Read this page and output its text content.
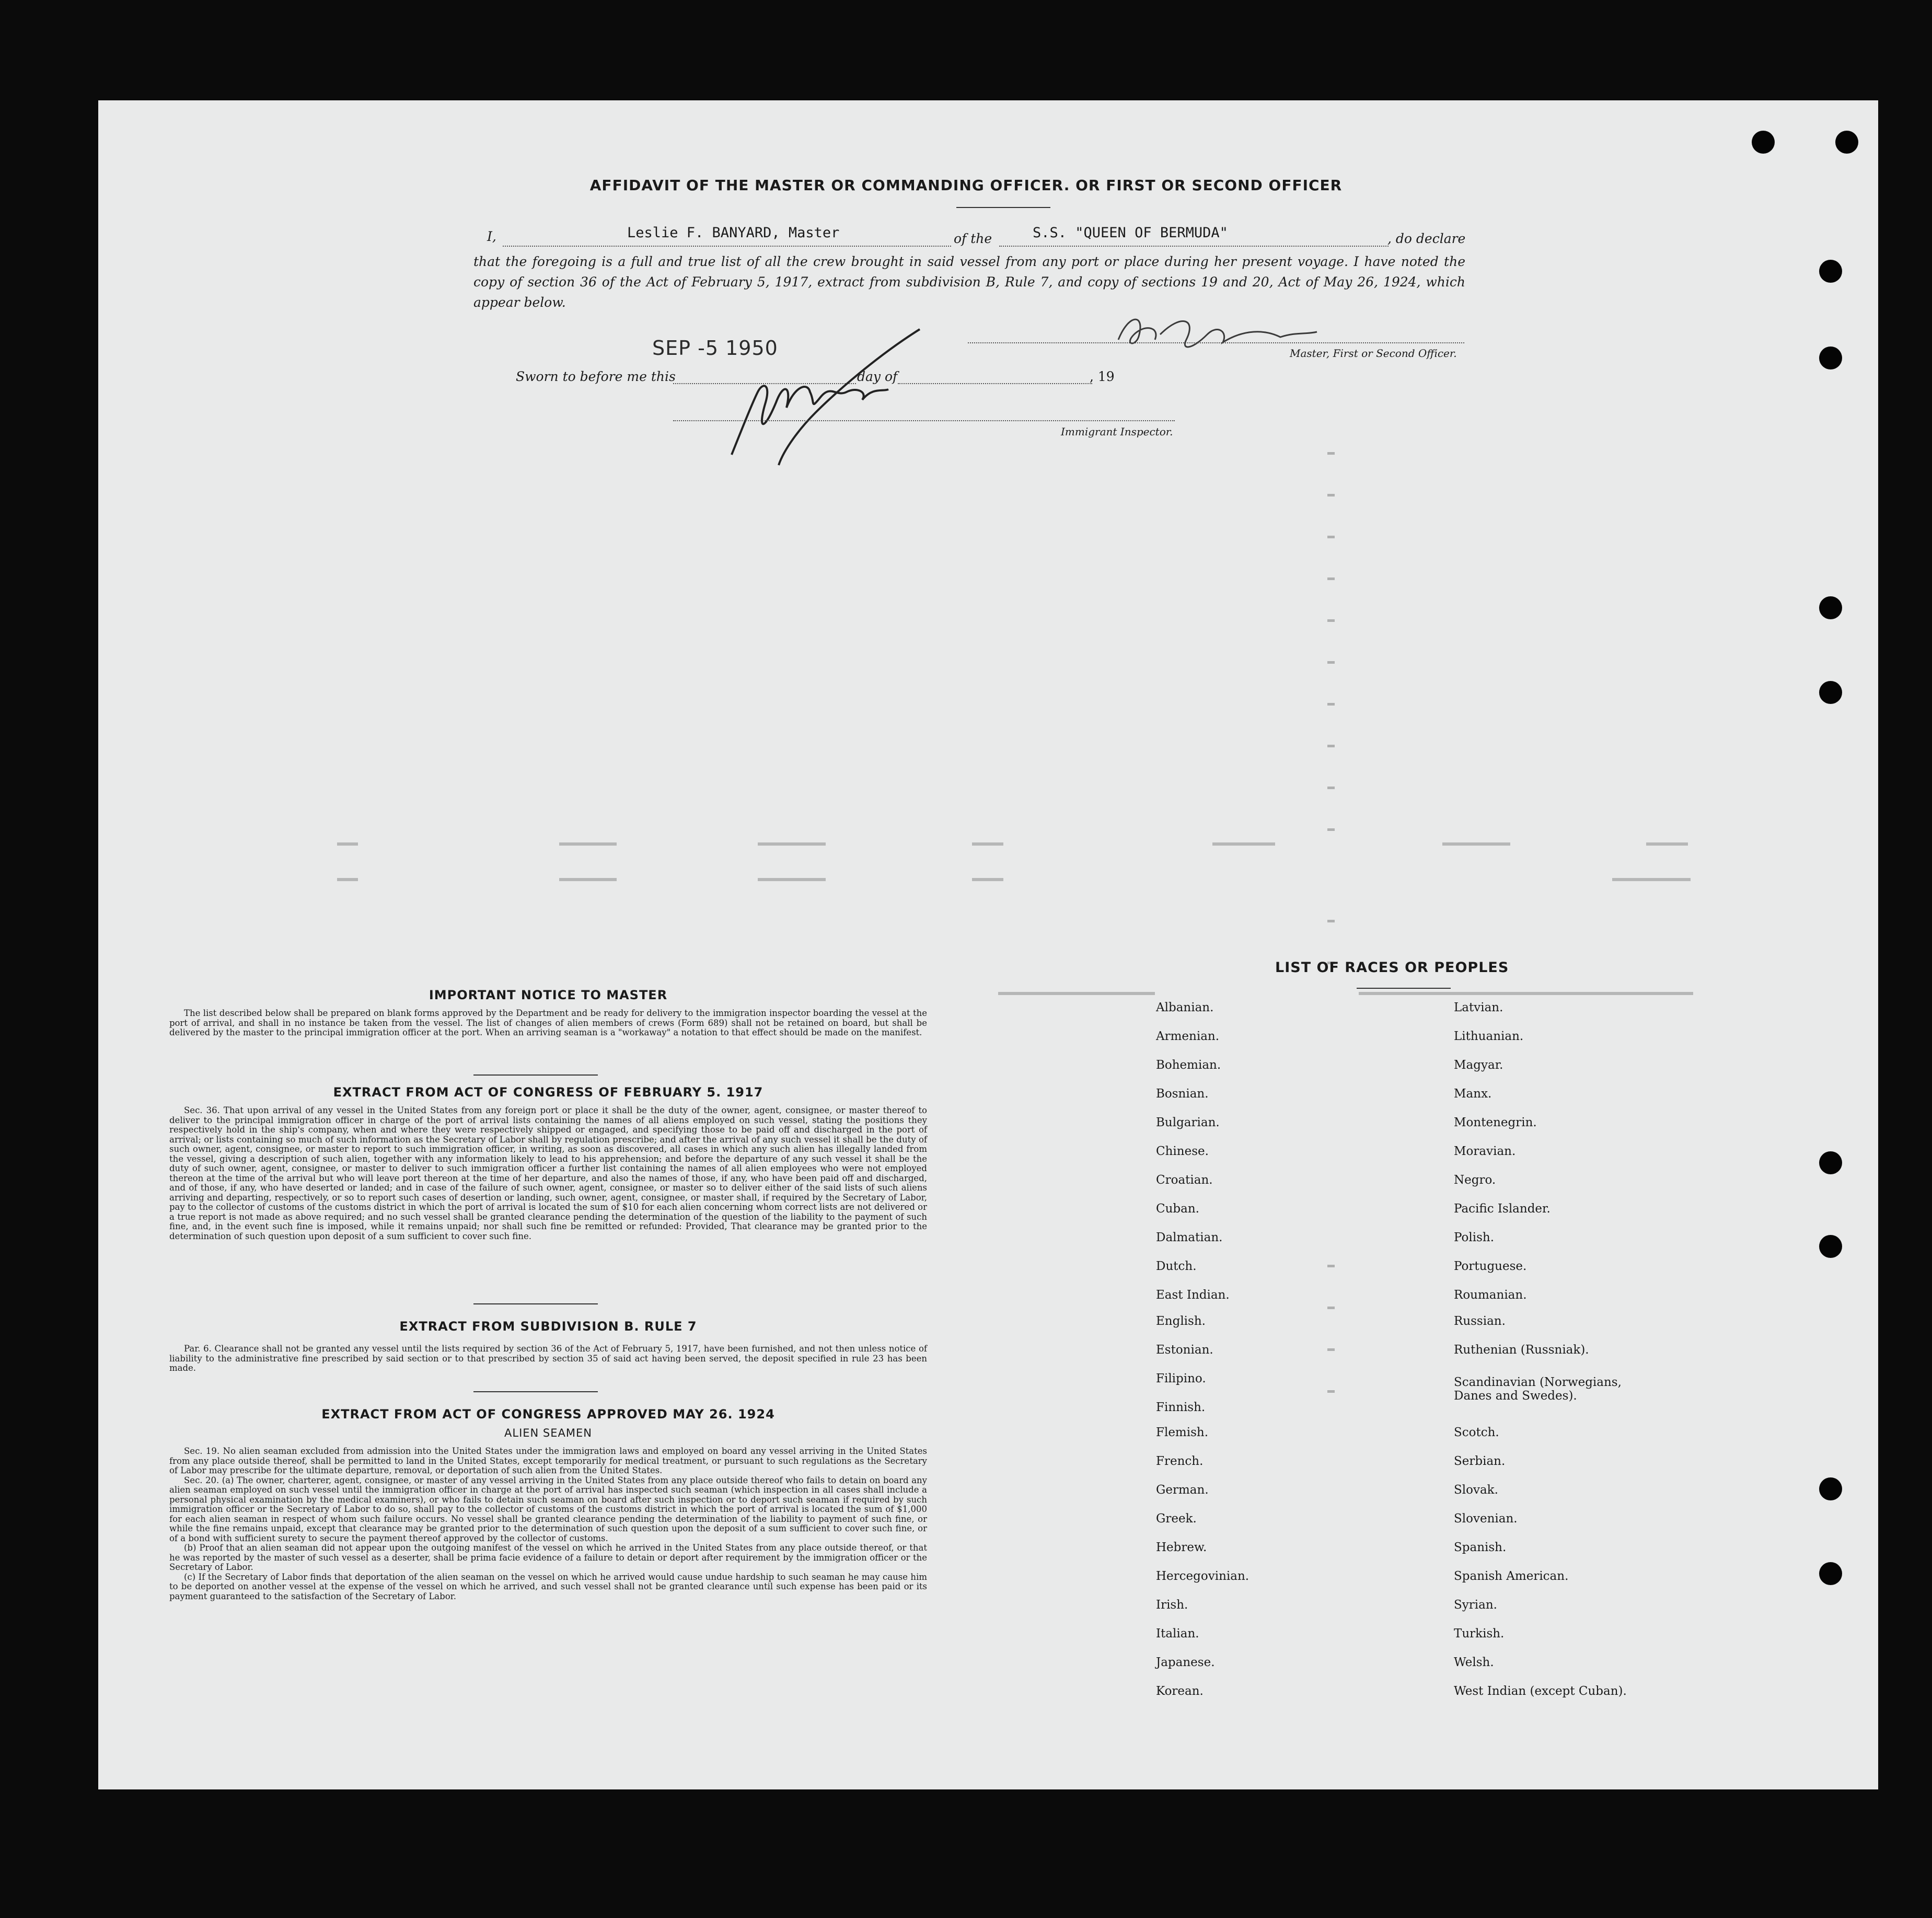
AFFIDAVIT OF THE MASTER OR COMMANDING OFFICER. OR FIRST OR SECOND OFFICER
I,	Leslie F. BANYARD, Master	of the	S.S. "QUEEN OF BERMUDA"	, do declare
that the foregoing is a full and true list of all the crew brought in said vessel from any port or place during her present voyage. I have noted the
copy of section 36 of the Act of February 5, 1917, extract from subdivision B, Rule 7, and copy of sections 19 and 20, Act of May 26, 1924, which
appear below.
SEP -5 1950	Master, First or Second Officer.
Sworn to before me this	day of	, 19
Immigrant Inspector.
IMPORTANT NOTICE TO MASTER

The list described below shall be prepared on blank forms approved by the Department and be ready for delivery to the immigration inspector boarding the vessel at the port of arrival, and shall in no instance be taken from the vessel. The list of changes of alien members of crews (Form 689) shall not be retained on board, but shall be delivered by the master to the principal immigration officer at the port. When an arriving seaman is a "workaway" a notation to that effect should be made on the manifest.

EXTRACT FROM ACT OF CONGRESS OF FEBRUARY 5. 1917

Sec. 36. That upon arrival of any vessel in the United States from any foreign port or place it shall be the duty of the owner, agent, consignee, or master thereof to deliver to the principal immigration officer in charge of the port of arrival lists containing the names of all aliens employed on such vessel, stating the positions they respectively hold in the ship's company, when and where they were respectively shipped or engaged, and specifying those to be paid off and discharged in the port of arrival; or lists containing so much of such information as the Secretary of Labor shall by regulation prescribe; and after the arrival of any such vessel it shall be the duty of such owner, agent, consignee, or master to report to such immigration officer, in writing, as soon as discovered, all cases in which any such alien has illegally landed from the vessel, giving a description of such alien, together with any information likely to lead to his apprehension; and before the departure of any such vessel it shall be the duty of such owner, agent, consignee, or master to deliver to such immigration officer a further list containing the names of all alien employees who were not employed thereon at the time of the arrival but who will leave port thereon at the time of her departure, and also the names of those, if any, who have been paid off and discharged, and of those, if any, who have deserted or landed; and in case of the failure of such owner, agent, consignee, or master so to deliver either of the said lists of such aliens arriving and departing, respectively, or so to report such cases of desertion or landing, such owner, agent, consignee, or master shall, if required by the Secretary of Labor, pay to the collector of customs of the customs district in which the port of arrival is located the sum of $10 for each alien concerning whom correct lists are not delivered or a true report is not made as above required; and no such vessel shall be granted clearance pending the determination of the question of the liability to the payment of such fine, and, in the event such fine is imposed, while it remains unpaid; nor shall such fine be remitted or refunded: Provided, That clearance may be granted prior to the determination of such question upon deposit of a sum sufficient to cover such fine.

EXTRACT FROM SUBDIVISION B. RULE 7

Par. 6. Clearance shall not be granted any vessel until the lists required by section 36 of the Act of February 5, 1917, have been furnished, and not then unless notice of liability to the administrative fine prescribed by said section or to that prescribed by section 35 of said act having been served, the deposit specified in rule 23 has been made.

EXTRACT FROM ACT OF CONGRESS APPROVED MAY 26. 1924
ALIEN SEAMEN

Sec. 19. No alien seaman excluded from admission into the United States under the immigration laws and employed on board any vessel arriving in the United States from any place outside thereof, shall be permitted to land in the United States, except temporarily for medical treatment, or pursuant to such regulations as the Secretary of Labor may prescribe for the ultimate departure, removal, or deportation of such alien from the United States.

Sec. 20. (a) The owner, charterer, agent, consignee, or master of any vessel arriving in the United States from any place outside thereof who fails to detain on board any alien seaman employed on such vessel until the immigration officer in charge at the port of arrival has inspected such seaman (which inspection in all cases shall include a personal physical examination by the medical examiners), or who fails to detain such seaman on board after such inspection or to deport such seaman if required by such immigration officer or the Secretary of Labor to do so, shall pay to the collector of customs of the customs district in which the port of arrival is located the sum of $1,000 for each alien seaman in respect of whom such failure occurs. No vessel shall be granted clearance pending the determination of the liability to payment of such fine, or while the fine remains unpaid, except that clearance may be granted prior to the determination of such question upon the deposit of a sum sufficient to cover such fine, or of a bond with sufficient surety to secure the payment thereof approved by the collector of customs.

(b) Proof that an alien seaman did not appear upon the outgoing manifest of the vessel on which he arrived in the United States from any place outside thereof, or that he was reported by the master of such vessel as a deserter, shall be prima facie evidence of a failure to detain or deport after requirement by the immigration officer or the Secretary of Labor.

(c) If the Secretary of Labor finds that deportation of the alien seaman on the vessel on which he arrived would cause undue hardship to such seaman he may cause him to be deported on another vessel at the expense of the vessel on which he arrived, and such vessel shall not be granted clearance until such expense has been paid or its payment guaranteed to the satisfaction of the Secretary of Labor.

LIST OF RACES OR PEOPLES
Albanian.
Armenian.
Bohemian.
Bosnian.
Bulgarian.
Chinese.
Croatian.
Cuban.
Dalmatian.
Dutch.
East Indian.
English.
Estonian.
Filipino.
Finnish.
Flemish.
French.
German.
Greek.
Hebrew.
Hercegovinian.
Irish.
Italian.
Japanese.
Korean.
Latvian.
Lithuanian.
Magyar.
Manx.
Montenegrin.
Moravian.
Negro.
Pacific Islander.
Polish.
Portuguese.
Roumanian.
Russian.
Ruthenian (Russniak).
Scandinavian (Norwegians, Danes and Swedes).
Scotch.
Serbian.
Slovak.
Slovenian.
Spanish.
Spanish American.
Syrian.
Turkish.
Welsh.
West Indian (except Cuban).
